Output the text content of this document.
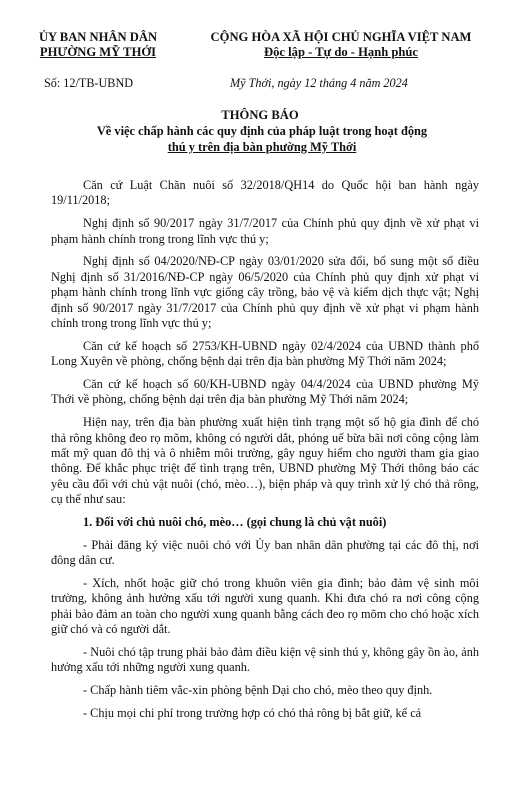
ỦY BAN NHÂN DÂN
PHƯỜNG MỸ THỚI
CỘNG HÒA XÃ HỘI CHỦ NGHĨA VIỆT NAM
Độc lập - Tự do - Hạnh phúc
Số: 12/TB-UBND	Mỹ Thới, ngày 12 tháng 4 năm 2024
THÔNG BÁO
Về việc chấp hành các quy định của pháp luật trong hoạt động
thú y trên địa bàn phường Mỹ Thới

Căn cứ Luật Chăn nuôi số 32/2018/QH14 do Quốc hội ban hành ngày 19/11/2018;

Nghị định số 90/2017 ngày 31/7/2017 của Chính phủ quy định về xử phạt vi phạm hành chính trong trong lĩnh vực thú y;

Nghị định số 04/2020/NĐ-CP ngày 03/01/2020 sửa đổi, bổ sung một số điều Nghị định số 31/2016/NĐ-CP ngày 06/5/2020 của Chính phủ quy định xử phạt vi phạm hành chính trong lĩnh vực giống cây trồng, bảo vệ và kiểm dịch thực vật; Nghị định số 90/2017 ngày 31/7/2017 của Chính phủ quy định về xử phạt vi phạm hành chính trong trong lĩnh vực thú y;

Căn cứ kế hoạch số 2753/KH-UBND ngày 02/4/2024 của UBND thành phố Long Xuyên về phòng, chống bệnh dại trên địa bàn phường Mỹ Thới năm 2024;

Căn cứ kế hoạch số 60/KH-UBND ngày 04/4/2024 của UBND phường Mỹ Thới về phòng, chống bệnh dại trên địa bàn phường Mỹ Thới năm 2024;

Hiện nay, trên địa bàn phường xuất hiện tình trạng một số hộ gia đình để chó thả rông không đeo rọ mõm, không có người dắt, phóng uế bừa bãi nơi công cộng làm mất mỹ quan đô thị và ô nhiễm môi trường, gây nguy hiểm cho người tham gia giao thông. Để khắc phục triệt để tình trạng trên, UBND phường Mỹ Thới thông báo các yêu cầu đối với chủ vật nuôi (chó, mèo…), biện pháp và quy trình xử lý chó thả rông, cụ thể như sau:

1. Đối với chủ nuôi chó, mèo… (gọi chung là chủ vật nuôi)

- Phải đăng ký việc nuôi chó với Ủy ban nhân dân phường tại các đô thị, nơi đông dân cư.

- Xích, nhốt hoặc giữ chó trong khuôn viên gia đình; bảo đảm vệ sinh môi trường, không ảnh hưởng xấu tới người xung quanh. Khi đưa chó ra nơi công cộng phải bảo đảm an toàn cho người xung quanh bằng cách đeo rọ mõm cho chó hoặc xích giữ chó và có người dắt.

- Nuôi chó tập trung phải bảo đảm điều kiện vệ sinh thú y, không gây ồn ào, ảnh hưởng xấu tới những người xung quanh.

- Chấp hành tiêm vắc-xin phòng bệnh Dại cho chó, mèo theo quy định.

- Chịu mọi chi phí trong trường hợp có chó thả rông bị bắt giữ, kể cả
